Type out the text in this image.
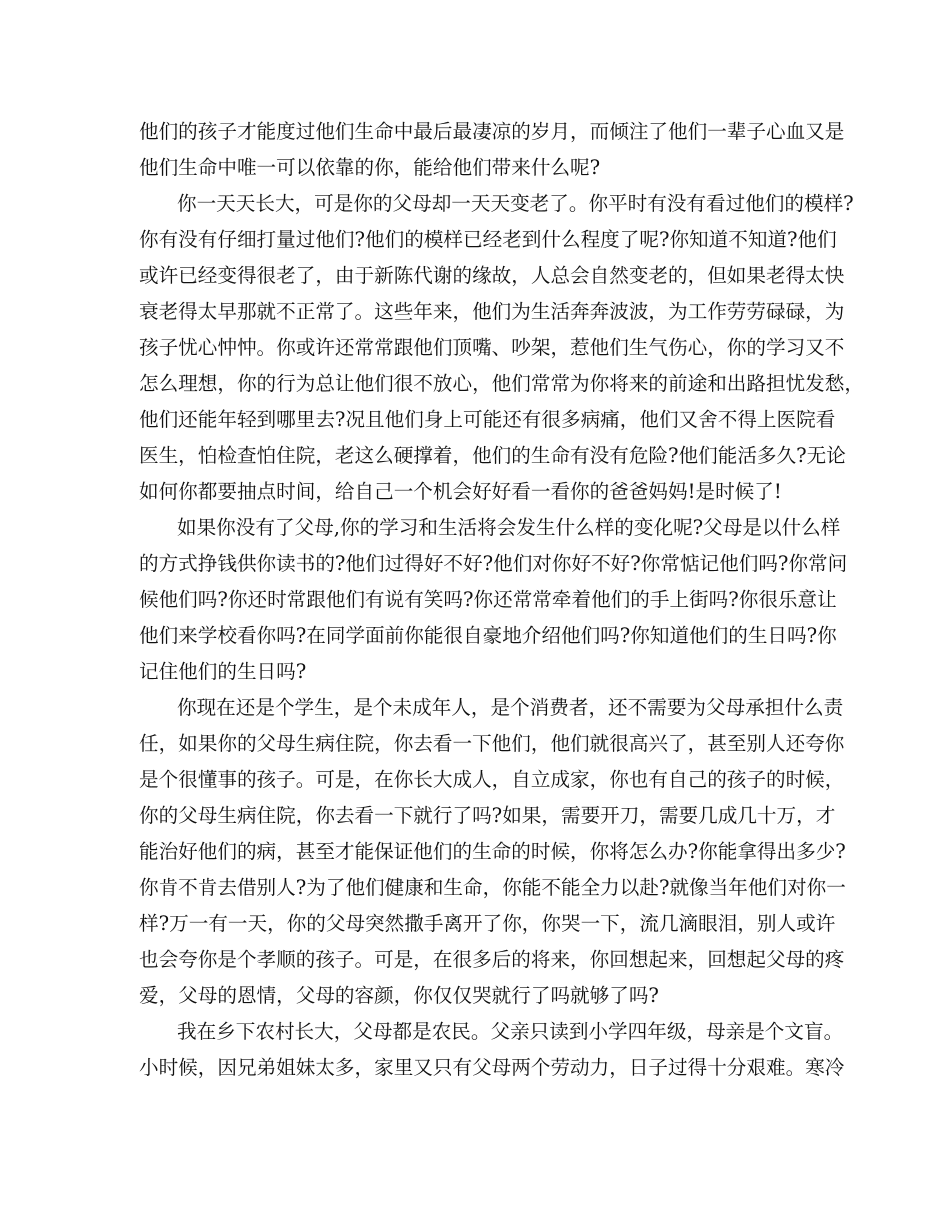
他们的孩子才能度过他们生命中最后最凄凉的岁月，而倾注了他们一辈子心血又是
他们生命中唯一可以依靠的你，能给他们带来什么呢?
你一天天长大，可是你的父母却一天天变老了。你平时有没有看过他们的模样?
你有没有仔细打量过他们?他们的模样已经老到什么程度了呢?你知道不知道?他们
或许已经变得很老了，由于新陈代谢的缘故，人总会自然变老的，但如果老得太快
衰老得太早那就不正常了。这些年来，他们为生活奔奔波波，为工作劳劳碌碌，为
孩子忧心忡忡。你或许还常常跟他们顶嘴、吵架，惹他们生气伤心，你的学习又不
怎么理想，你的行为总让他们很不放心，他们常常为你将来的前途和出路担忧发愁，
他们还能年轻到哪里去?况且他们身上可能还有很多病痛，他们又舍不得上医院看
医生，怕检查怕住院，老这么硬撑着，他们的生命有没有危险?他们能活多久?无论
如何你都要抽点时间，给自己一个机会好好看一看你的爸爸妈妈!是时候了!
如果你没有了父母,你的学习和生活将会发生什么样的变化呢?父母是以什么样
的方式挣钱供你读书的?他们过得好不好?他们对你好不好?你常惦记他们吗?你常问
候他们吗?你还时常跟他们有说有笑吗?你还常常牵着他们的手上街吗?你很乐意让
他们来学校看你吗?在同学面前你能很自豪地介绍他们吗?你知道他们的生日吗?你
记住他们的生日吗?
你现在还是个学生，是个未成年人，是个消费者，还不需要为父母承担什么责
任，如果你的父母生病住院，你去看一下他们，他们就很高兴了，甚至别人还夸你
是个很懂事的孩子。可是，在你长大成人，自立成家，你也有自己的孩子的时候，
你的父母生病住院，你去看一下就行了吗?如果，需要开刀，需要几成几十万，才
能治好他们的病，甚至才能保证他们的生命的时候，你将怎么办?你能拿得出多少?
你肯不肯去借别人?为了他们健康和生命，你能不能全力以赴?就像当年他们对你一
样?万一有一天，你的父母突然撒手离开了你，你哭一下，流几滴眼泪，别人或许
也会夸你是个孝顺的孩子。可是，在很多后的将来，你回想起来，回想起父母的疼
爱，父母的恩情，父母的容颜，你仅仅哭就行了吗就够了吗?
我在乡下农村长大，父母都是农民。父亲只读到小学四年级，母亲是个文盲。
小时候，因兄弟姐妹太多，家里又只有父母两个劳动力，日子过得十分艰难。寒冷
